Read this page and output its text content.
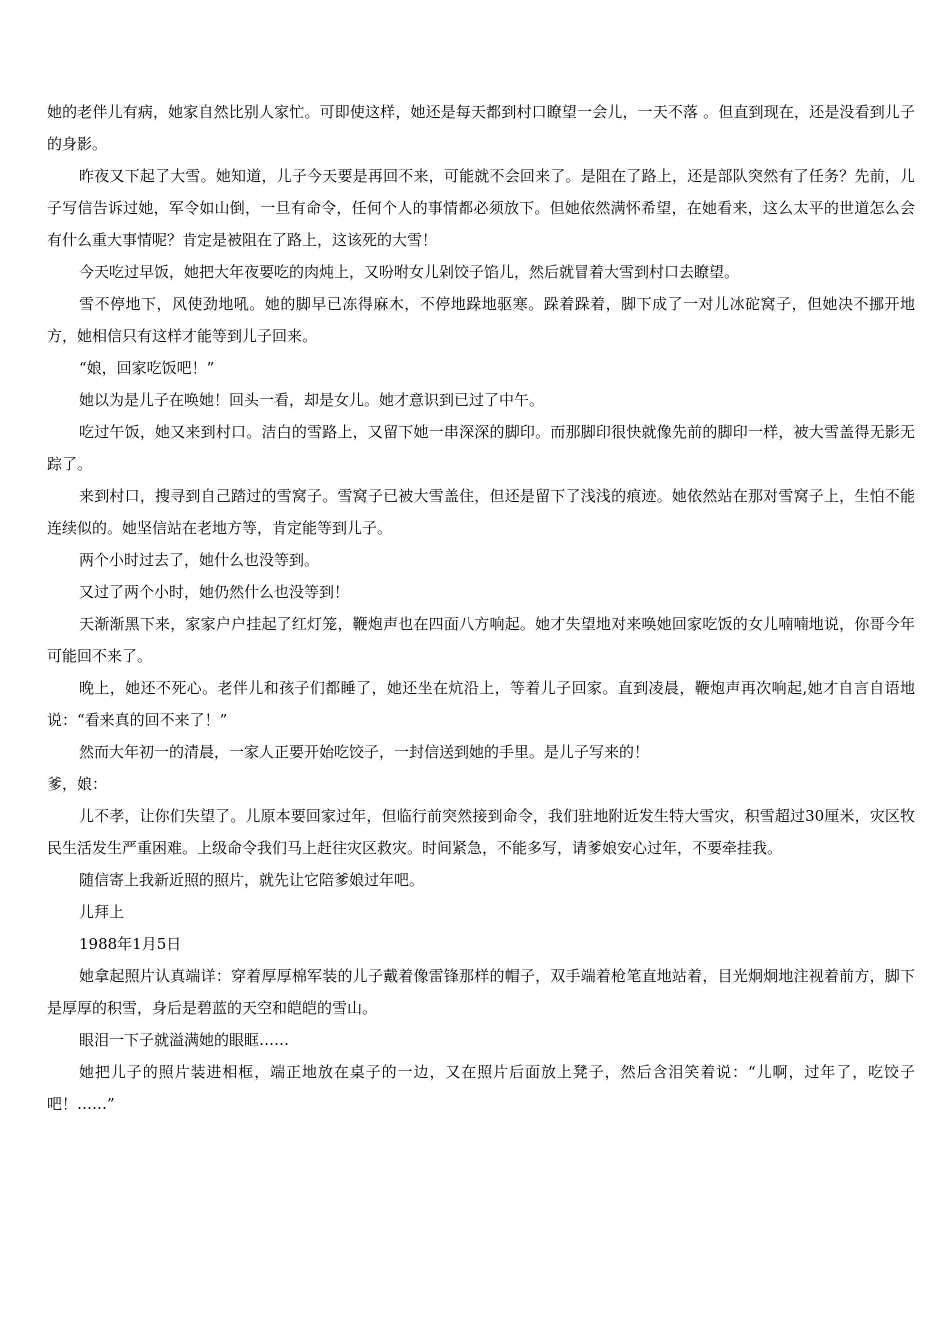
她的老伴儿有病，她家自然比别人家忙。可即使这样，她还是每天都到村口瞭望一会儿，一天不落 。但直到现在，还是没看到儿子的身影。

昨夜又下起了大雪。她知道，儿子今天要是再回不来，可能就不会回来了。是阻在了路上，还是部队突然有了任务？先前，儿子写信告诉过她，军令如山倒，一旦有命令，任何个人的事情都必须放下。但她依然满怀希望，在她看来，这么太平的世道怎么会有什么重大事情呢？肯定是被阻在了路上，这该死的大雪！

今天吃过早饭，她把大年夜要吃的肉炖上，又吩咐女儿剁饺子馅儿，然后就冒着大雪到村口去瞭望。

雪不停地下，风使劲地吼。她的脚早已冻得麻木，不停地跺地驱寒。跺着跺着，脚下成了一对儿冰砣窝子，但她决不挪开地方，她相信只有这样才能等到儿子回来。

“娘，回家吃饭吧！”

她以为是儿子在唤她！回头一看，却是女儿。她才意识到已过了中午。

吃过午饭，她又来到村口。洁白的雪路上，又留下她一串深深的脚印。而那脚印很快就像先前的脚印一样，被大雪盖得无影无踪了。

来到村口，搜寻到自己踏过的雪窝子。雪窝子已被大雪盖住，但还是留下了浅浅的痕迹。她依然站在那对雪窝子上，生怕不能连续似的。她坚信站在老地方等，肯定能等到儿子。

两个小时过去了，她什么也没等到。

又过了两个小时，她仍然什么也没等到！

天渐渐黑下来，家家户户挂起了红灯笼，鞭炮声也在四面八方响起。她才失望地对来唤她回家吃饭的女儿喃喃地说，你哥今年可能回不来了。

晚上，她还不死心。老伴儿和孩子们都睡了，她还坐在炕沿上，等着儿子回家。直到凌晨，鞭炮声再次响起,她才自言自语地说：“看来真的回不来了！”

然而大年初一的清晨，一家人正要开始吃饺子，一封信送到她的手里。是儿子写来的！

爹，娘：

儿不孝，让你们失望了。儿原本要回家过年，但临行前突然接到命令，我们驻地附近发生特大雪灾，积雪超过30厘米，灾区牧民生活发生严重困难。上级命令我们马上赶往灾区救灾。时间紧急，不能多写，请爹娘安心过年，不要牵挂我。

随信寄上我新近照的照片，就先让它陪爹娘过年吧。

儿拜上

1988年1月5日

她拿起照片认真端详：穿着厚厚棉军装的儿子戴着像雷锋那样的帽子，双手端着枪笔直地站着，目光炯炯地注视着前方，脚下是厚厚的积雪，身后是碧蓝的天空和皑皑的雪山。

眼泪一下子就溢满她的眼眶……

她把儿子的照片装进相框，端正地放在桌子的一边，又在照片后面放上凳子，然后含泪笑着说：“儿啊，过年了，吃饺子吧！……”
